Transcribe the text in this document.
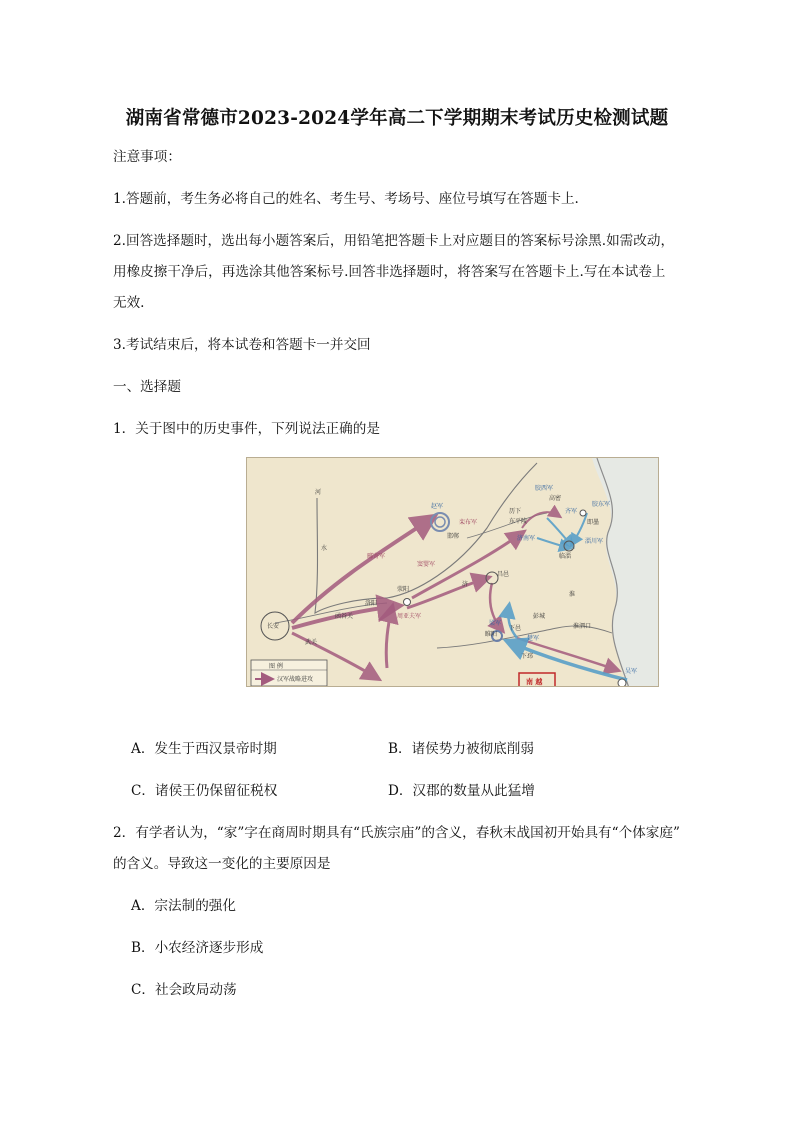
湖南省常德市2023-2024学年高二下学期期末考试历史检测试题
注意事项：
1.答题前，考生务必将自己的姓名、考生号、考场号、座位号填写在答题卡上.
2.回答选择题时，选出每小题答案后，用铅笔把答题卡上对应题目的答案标号涂黑.如需改动，
用橡皮擦干净后，再选涂其他答案标号.回答非选择题时，将答案写在答题卡上.写在本试卷上
无效.
3.考试结束后，将本试卷和答题卡一并交回
一、选择题
1．关于图中的历史事件，下列说法正确的是
长安
洛阳
荥阳
函谷关
武关
邯郸
赵军
睢阳
梁军
楚军
吴军
临淄
胶西军
胶东军
济南军	淄川军
齐军
彭城
下邑
昌邑
高密
即墨
东平陵
历下
淮泗口
下邳
周亚夫军
栾布军
郦寄军
窦婴军
河
水
济
淮
图 例
汉军战略进攻	南 越
A．发生于西汉景帝时期	B．诸侯势力被彻底削弱
C．诸侯王仍保留征税权	D．汉郡的数量从此猛增
2．有学者认为，“家”字在商周时期具有“氏族宗庙”的含义，春秋末战国初开始具有“个体家庭”
的含义。导致这一变化的主要原因是
A．宗法制的强化
B．小农经济逐步形成
C．社会政局动荡
